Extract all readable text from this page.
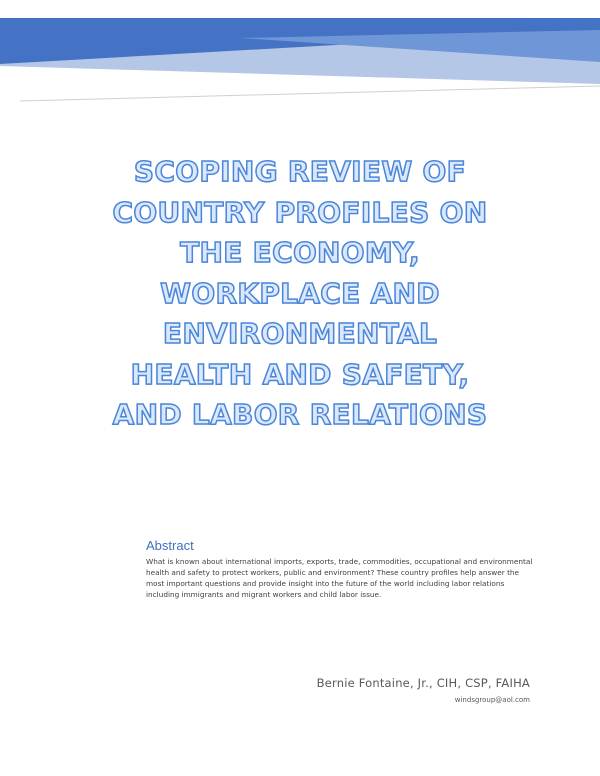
SCOPING REVIEW OF
COUNTRY PROFILES ON
THE ECONOMY,
WORKPLACE AND
ENVIRONMENTAL
HEALTH AND SAFETY,
AND LABOR RELATIONS
Abstract

What is known about international imports, exports, trade, commodities, occupational and environmental health and safety to protect workers, public and environment? These country profiles help answer the most important questions and provide insight into the future of the world including labor relations including immigrants and migrant workers and child labor issue.

Bernie Fontaine, Jr., CIH, CSP, FAIHA
windsgroup@aol.com
